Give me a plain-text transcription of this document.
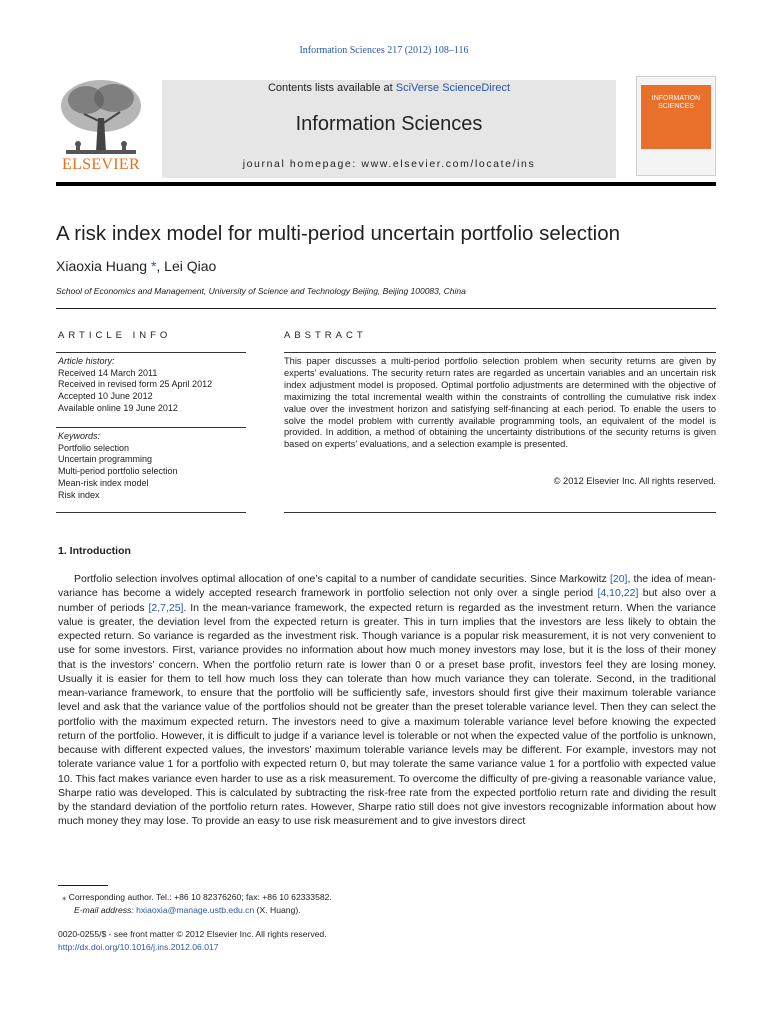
Information Sciences 217 (2012) 108–116
ELSEVIER
Contents lists available at SciVerse ScienceDirect
Information Sciences
journal homepage: www.elsevier.com/locate/ins
INFORMATION SCIENCES
A risk index model for multi-period uncertain portfolio selection
Xiaoxia Huang *, Lei Qiao
School of Economics and Management, University of Science and Technology Beijing, Beijing 100083, China
ARTICLE INFO
Article history:
Received 14 March 2011
Received in revised form 25 April 2012
Accepted 10 June 2012
Available online 19 June 2012
Keywords:
Portfolio selection
Uncertain programming
Multi-period portfolio selection
Mean-risk index model
Risk index
ABSTRACT
This paper discusses a multi-period portfolio selection problem when security returns are given by experts’ evaluations. The security return rates are regarded as uncertain variables and an uncertain risk index adjustment model is proposed. Optimal portfolio adjustments are determined with the objective of maximizing the total incremental wealth within the constraints of controlling the cumulative risk index value over the investment horizon and satisfying self-financing at each period. To enable the users to solve the model problem with currently available programming tools, an equivalent of the model is provided. In addition, a method of obtaining the uncertainty distributions of the security returns is given based on experts’ evaluations, and a selection example is presented.
© 2012 Elsevier Inc. All rights reserved.
1. Introduction

Portfolio selection involves optimal allocation of one’s capital to a number of candidate securities. Since Markowitz [20], the idea of mean-variance has become a widely accepted research framework in portfolio selection not only over a single period [4,10,22] but also over a number of periods [2,7,25]. In the mean-variance framework, the expected return is regarded as the investment return. When the variance value is greater, the deviation level from the expected return is greater. This in turn implies that the investors are less likely to obtain the expected return. So variance is regarded as the investment risk. Though variance is a popular risk measurement, it is not very convenient to use for some investors. First, variance provides no information about how much money investors may lose, but it is the loss of their money that is the investors’ concern. When the portfolio return rate is lower than 0 or a preset base profit, investors feel they are losing money. Usually it is easier for them to tell how much loss they can tolerate than how much variance they can tolerate. Second, in the traditional mean-variance framework, to ensure that the portfolio will be sufficiently safe, investors should first give their maximum tolerable variance level and ask that the variance value of the portfolios should not be greater than the preset tolerable variance level. Then they can select the portfolio with the maximum expected return. The investors need to give a maximum tolerable variance level before knowing the expected return of the portfolio. However, it is difficult to judge if a variance level is tolerable or not when the expected value of the portfolio is unknown, because with different expected values, the investors’ maximum tolerable variance levels may be different. For example, investors may not tolerate variance value 1 for a portfolio with expected return 0, but may tolerate the same variance value 1 for a portfolio with expected value 10. This fact makes variance even harder to use as a risk measurement. To overcome the difficulty of pre-giving a reasonable variance value, Sharpe ratio was developed. This is calculated by subtracting the risk-free rate from the expected portfolio return rate and dividing the result by the standard deviation of the portfolio return rates. However, Sharpe ratio still does not give investors recognizable information about how much money they may lose. To provide an easy to use risk measurement and to give investors direct

⁎ Corresponding author. Tel.: +86 10 82376260; fax: +86 10 62333582.
E-mail address: hxiaoxia@manage.ustb.edu.cn (X. Huang).
0020-0255/$ - see front matter © 2012 Elsevier Inc. All rights reserved.
http://dx.doi.org/10.1016/j.ins.2012.06.017
